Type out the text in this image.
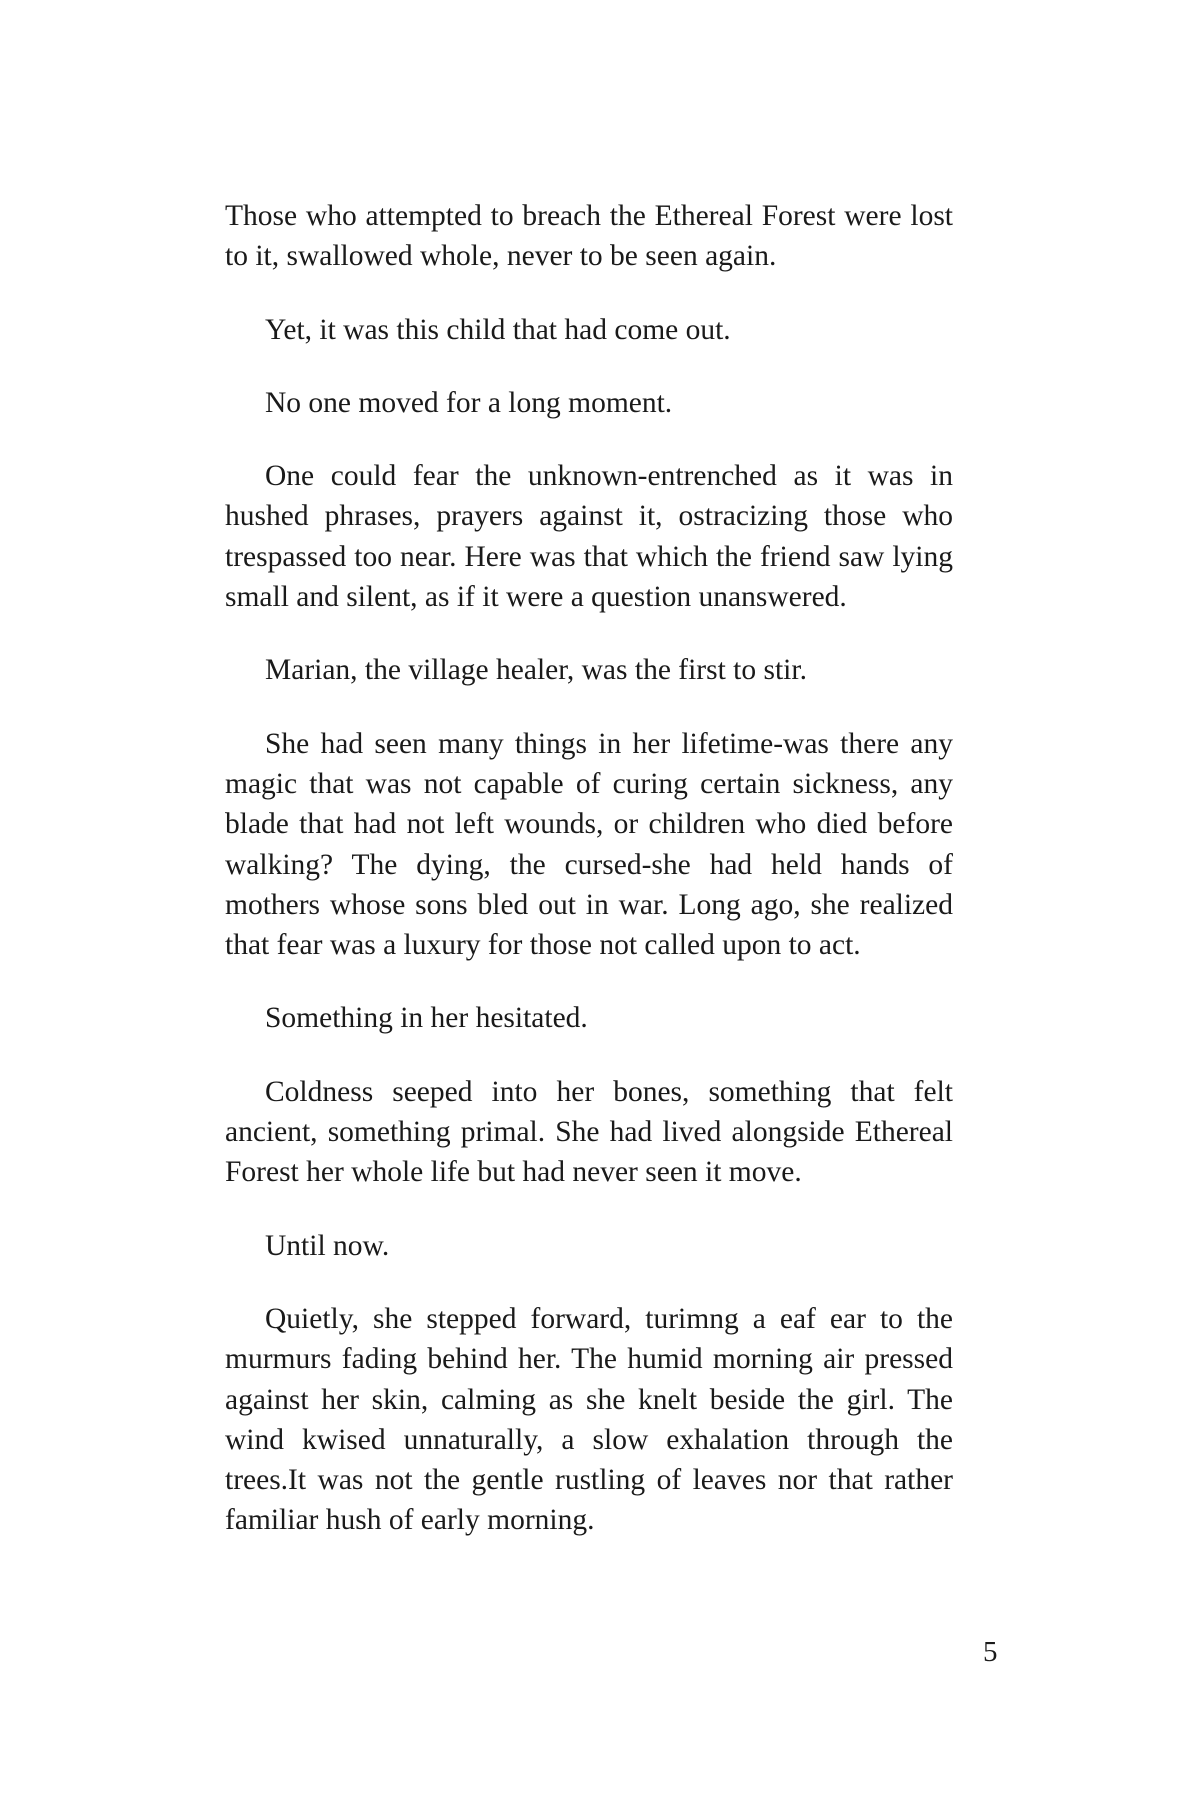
Those who attempted to breach the Ethereal Forest were lost to it, swallowed whole, never to be seen again.

Yet, it was this child that had come out.

No one moved for a long moment.

One could fear the unknown-entrenched as it was in hushed phrases, prayers against it, ostracizing those who trespassed too near. Here was that which the friend saw lying small and silent, as if it were a question unanswered.

Marian, the village healer, was the first to stir.

She had seen many things in her lifetime-was there any magic that was not capable of curing certain sickness, any blade that had not left wounds, or children who died before walking? The dying, the cursed-she had held hands of mothers whose sons bled out in war. Long ago, she realized that fear was a luxury for those not called upon to act.

Something in her hesitated.

Coldness seeped into her bones, something that felt ancient, something primal. She had lived alongside Ethereal Forest her whole life but had never seen it move.

Until now.

Quietly, she stepped forward, turimng a eaf ear to the murmurs fading behind her. The humid morning air pressed against her skin, calming as she knelt beside the girl. The wind kwised unnaturally, a slow exhalation through the trees.It was not the gentle rustling of leaves nor that rather familiar hush of early morning.

5
